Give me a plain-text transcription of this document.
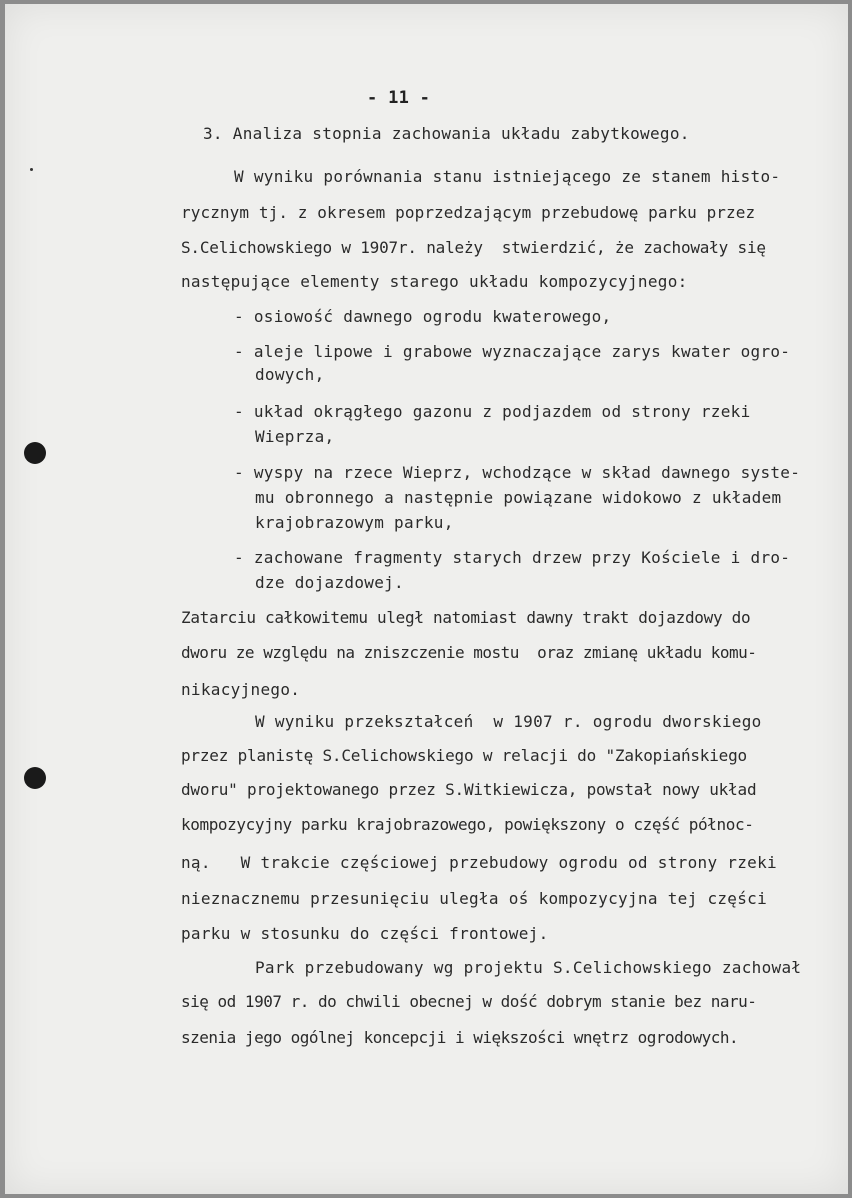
- 11 -
3. Analiza stopnia zachowania układu zabytkowego.
W wyniku porównania stanu istniejącego ze stanem histo-
rycznym tj. z okresem poprzedzającym przebudowę parku przez
S.Celichowskiego w 1907r. należy  stwierdzić, że zachowały się
następujące elementy starego układu kompozycyjnego:
- osiowość dawnego ogrodu kwaterowego,
- aleje lipowe i grabowe wyznaczające zarys kwater ogro-
dowych,
- układ okrągłego gazonu z podjazdem od strony rzeki
Wieprza,
- wyspy na rzece Wieprz, wchodzące w skład dawnego syste-
mu obronnego a następnie powiązane widokowo z układem
krajobrazowym parku,
- zachowane fragmenty starych drzew przy Kościele i dro-
dze dojazdowej.
Zatarciu całkowitemu uległ natomiast dawny trakt dojazdowy do
dworu ze względu na zniszczenie mostu  oraz zmianę układu komu-
nikacyjnego.
W wyniku przekształceń  w 1907 r. ogrodu dworskiego
przez planistę S.Celichowskiego w relacji do "Zakopiańskiego
dworu" projektowanego przez S.Witkiewicza, powstał nowy układ
kompozycyjny parku krajobrazowego, powiększony o część północ-
ną.   W trakcie częściowej przebudowy ogrodu od strony rzeki
nieznacznemu przesunięciu uległa oś kompozycyjna tej części
parku w stosunku do części frontowej.
Park przebudowany wg projektu S.Celichowskiego zachował
się od 1907 r. do chwili obecnej w dość dobrym stanie bez naru-
szenia jego ogólnej koncepcji i większości wnętrz ogrodowych.
